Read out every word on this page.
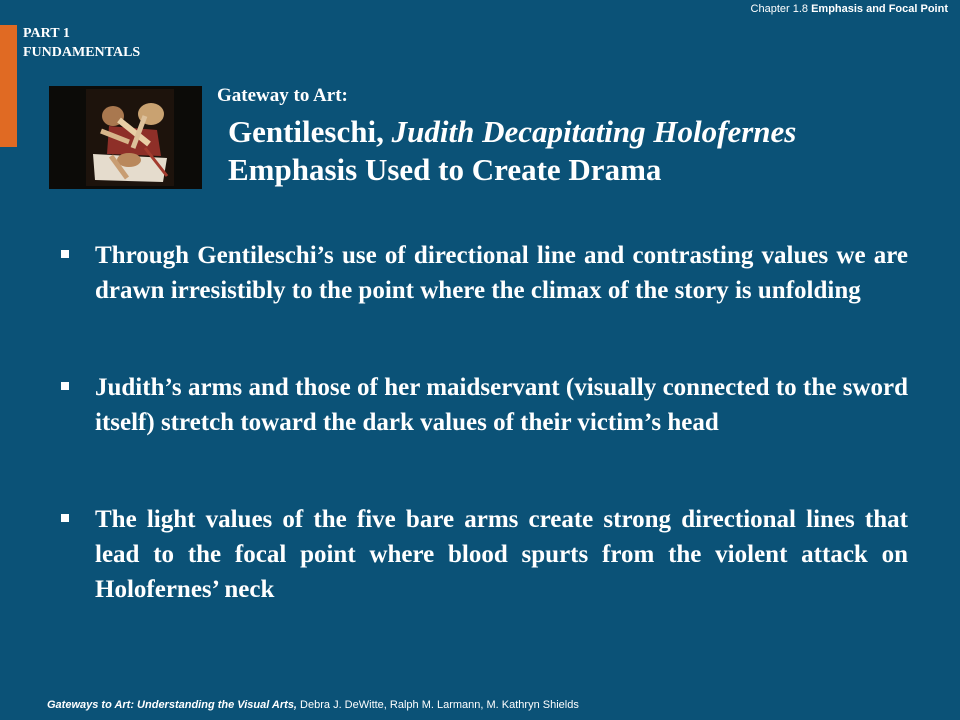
PART 1
FUNDAMENTALS
Chapter 1.8 Emphasis and Focal Point
Gateway to Art:
Gentileschi, Judith Decapitating Holofernes
Emphasis Used to Create Drama
Through Gentileschi’s use of directional line and contrasting values we are drawn irresistibly to the point where the climax of the story is unfolding
Judith’s arms and those of her maidservant (visually connected to the sword itself) stretch toward the dark values of their victim’s head
The light values of the five bare arms create strong directional lines that lead to the focal point where blood spurts from the violent attack on Holofernes’ neck
Gateways to Art: Understanding the Visual Arts, Debra J. DeWitte, Ralph M. Larmann, M. Kathryn Shields
